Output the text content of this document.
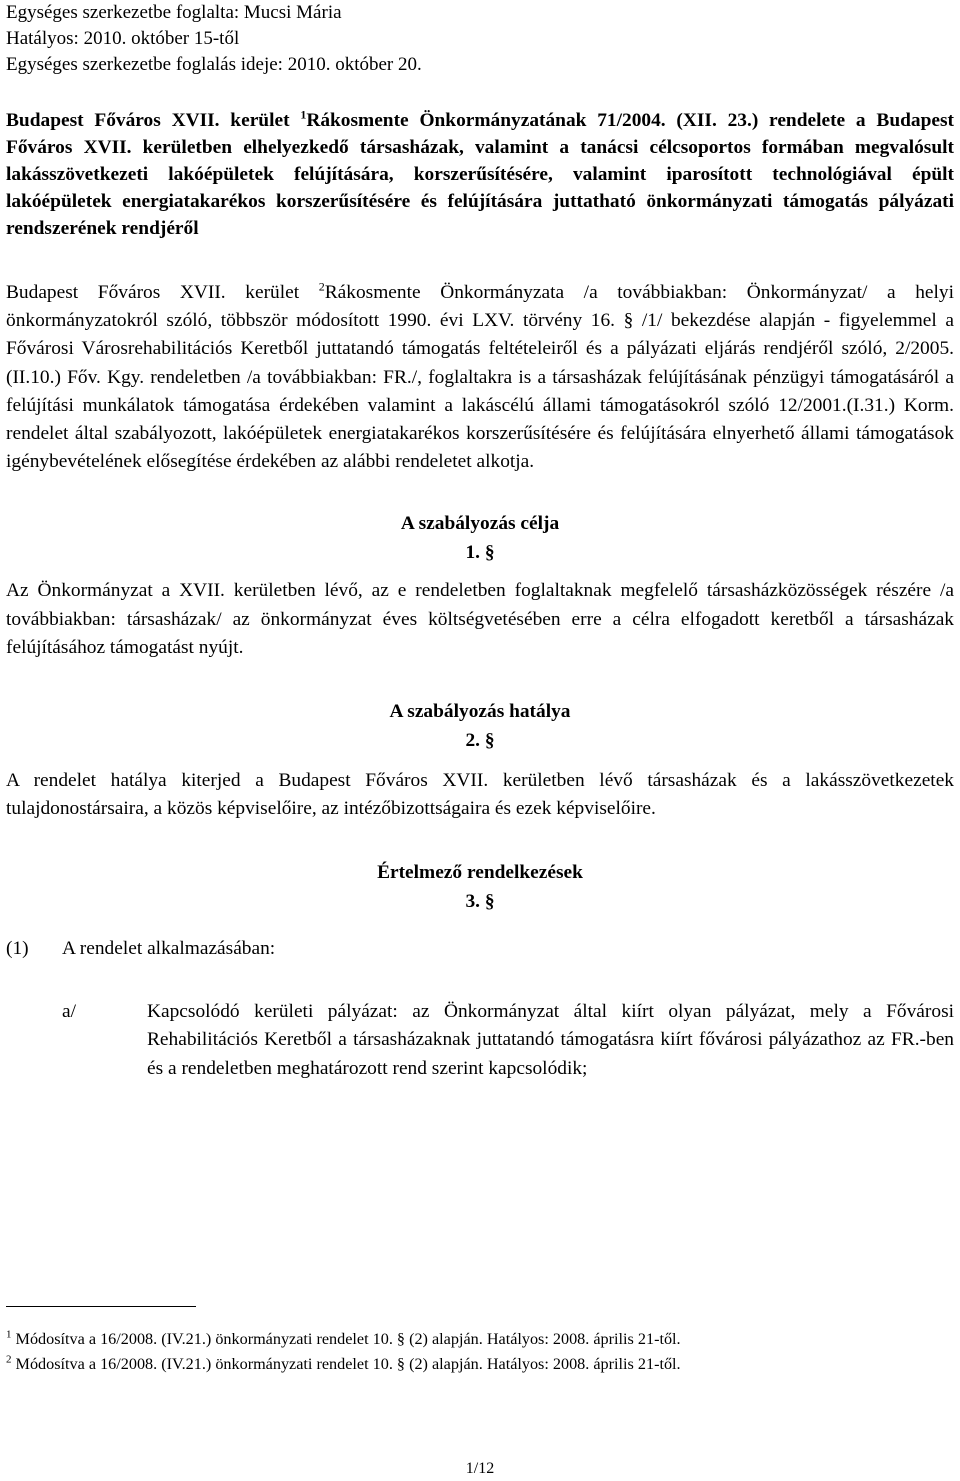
Egységes szerkezetbe foglalta: Mucsi Mária
Hatályos: 2010. október 15-től
Egységes szerkezetbe foglalás ideje: 2010. október 20.
Budapest Főváros XVII. kerület $^1$Rákosmente Önkormányzatának 71/2004. (XII. 23.) rendelete a Budapest Főváros XVII. kerületben elhelyezkedő társasházak, valamint a tanácsi célcsoportos formában megvalósult lakásszövetkezeti lakóépületek felújítására, korszerűsítésére, valamint iparosított technológiával épült lakóépületek energiatakarékos korszerűsítésére és felújítására juttatható önkormányzati támogatás pályázati rendszerének rendjéről
Budapest Főváros XVII. kerület $^2$Rákosmente Önkormányzata /a továbbiakban: Önkormányzat/ a helyi önkormányzatokról szóló, többször módosított 1990. évi LXV. törvény 16. § /1/ bekezdése alapján - figyelemmel a Fővárosi Városrehabilitációs Keretből juttatandó támogatás feltételeiről és a pályázati eljárás rendjéről szóló, 2/2005.(II.10.) Főv. Kgy. rendeletben /a továbbiakban: FR./, foglaltakra is a társasházak felújításának pénzügyi támogatásáról a felújítási munkálatok támogatása érdekében valamint a lakáscélú állami támogatásokról szóló 12/2001.(I.31.) Korm. rendelet által szabályozott, lakóépületek energiatakarékos korszerűsítésére és felújítására elnyerhető állami támogatások igénybevételének elősegítése érdekében az alábbi rendeletet alkotja.
A szabályozás célja
1. §
Az Önkormányzat a XVII. kerületben lévő, az e rendeletben foglaltaknak megfelelő társasházközösségek részére /a továbbiakban: társasházak/ az önkormányzat éves költségvetésében erre a célra elfogadott keretből a társasházak felújításához támogatást nyújt.
A szabályozás hatálya
2. §
A rendelet hatálya kiterjed a Budapest Főváros XVII. kerületben lévő társasházak és a lakásszövetkezetek tulajdonostársaira, a közös képviselőire, az intézőbizottságaira és ezek képviselőire.
Értelmező rendelkezések
3. §
(1) A rendelet alkalmazásában:
a/	Kapcsolódó kerületi pályázat: az Önkormányzat által kiírt olyan pályázat, mely a Fővárosi Rehabilitációs Keretből a társasházaknak juttatandó támogatásra kiírt fővárosi pályázathoz az FR.-ben és a rendeletben meghatározott rend szerint kapcsolódik;
$^1$ Módosítva a 16/2008. (IV.21.) önkormányzati rendelet 10. § (2) alapján. Hatályos: 2008. április 21-től.
$^2$ Módosítva a 16/2008. (IV.21.) önkormányzati rendelet 10. § (2) alapján. Hatályos: 2008. április 21-től.
1/12
